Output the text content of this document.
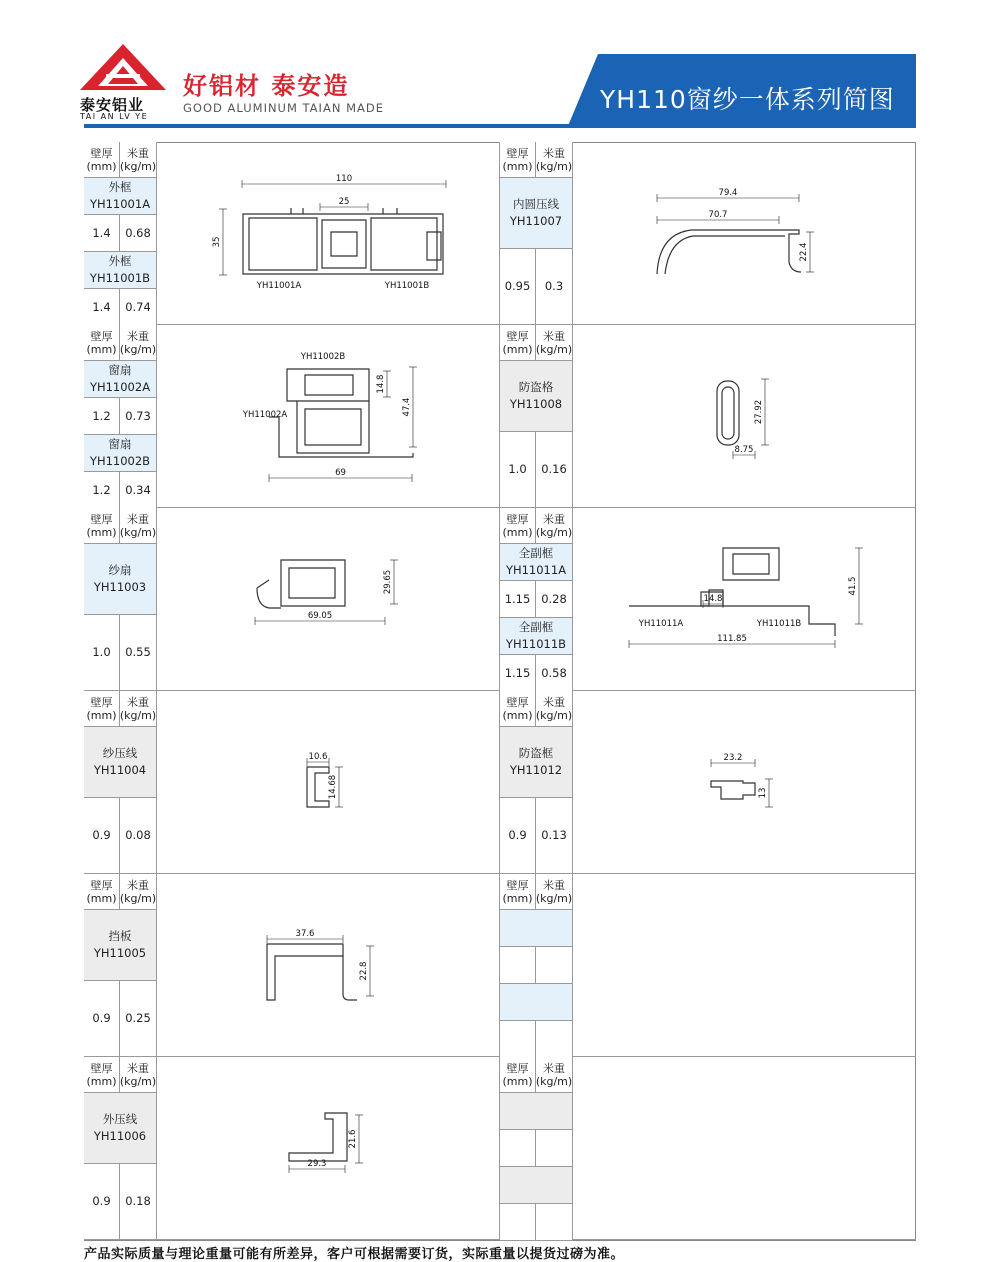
泰安铝业
TAI AN LV YE
好铝材 泰安造
GOOD ALUMINUM TAIAN MADE	YH110窗纱一体系列简图
壁厚
(mm)
米重
(kg/m)
外框
YH11001A
1.4	0.68
外框
YH11001B
1.4	0.74
110
25
35
YH11001A	YH11001B
壁厚
(mm)
米重
(kg/m)
内圆压线
YH11007
0.95	0.3
79.4
70.7
22.4
壁厚
(mm)
米重
(kg/m)
窗扇
YH11002A
1.2	0.73
窗扇
YH11002B
1.2	0.34
YH11002B
YH11002A
14.8
47.4
69
壁厚
(mm)
米重
(kg/m)
防盗格
YH11008
1.0	0.16
27.92
8.75
壁厚
(mm)
米重
(kg/m)
纱扇
YH11003
1.0	0.55
29.65
69.05
壁厚
(mm)
米重
(kg/m)
全副框
YH11011A
1.15 0.28
全副框
YH11011B
1.15 0.58
41.5
14.8
111.85
YH11011A	YH11011B
壁厚
(mm)
米重
(kg/m)
纱压线
YH11004
0.9	0.08
10.6
14.68
壁厚
(mm)
米重
(kg/m)
防盗框
YH11012
0.9	0.13
23.2
13
壁厚
(mm)
米重
(kg/m)
挡板
YH11005
0.9	0.25
37.6
22.8
壁厚
(mm)
米重
(kg/m)
壁厚
(mm)
米重
(kg/m)
外压线
YH11006
0.9	0.18
21.6
29.3
壁厚
(mm)
米重
(kg/m)
产品实际质量与理论重量可能有所差异，客户可根据需要订货，实际重量以提货过磅为准。
